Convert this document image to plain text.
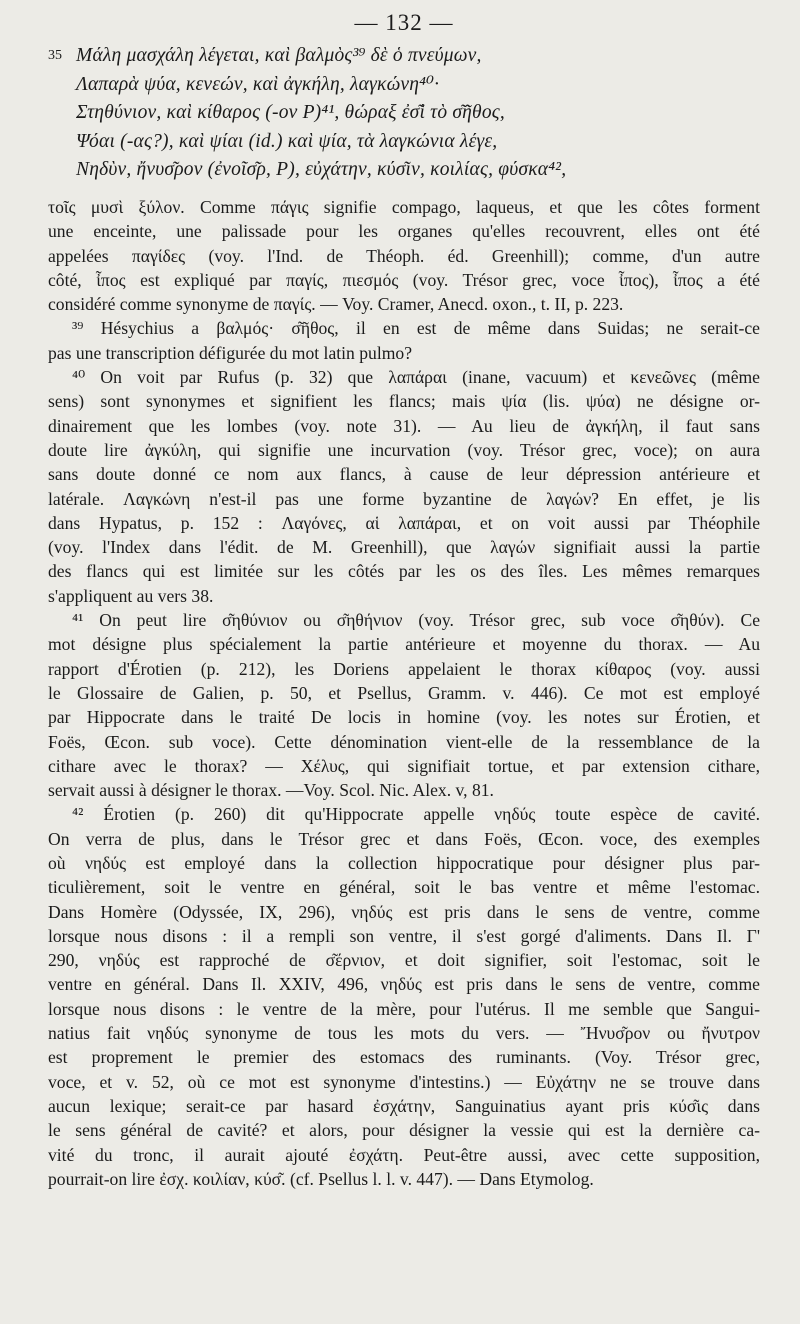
— 132 —
35 Μάλη μασχάλη λέγεται, καὶ βαλμὸς³⁹ δὲ ὁ πνεύμων,
Λαπαρὰ ψύα, κενεών, καὶ ἀγκήλη, λαγκώνη⁴⁰·
Στηθύνιον, καὶ κίθαρος (-ον P)⁴¹, θώραξ ἐσ͂ὶ τὸ σ͂ῆθος,
Ψόαι (-ας?), καὶ ψίαι (id.) καὶ ψία, τὰ λαγκώνια λέγε,
Νηδὺν, ἤνυσ͂ρον (ἐνοῖσ͂ρ, P), εὐχάτην, κύσ͂ιν, κοιλίας, φύσκα⁴²,
τοῖς μυσὶ ξύλον. Comme πάγις signifie compago, laqueus, et que les côtes forment
une enceinte, une palissade pour les organes qu'elles recouvrent, elles ont été
appelées παγίδες (voy. l'Ind. de Théoph. éd. Greenhill); comme, d'un autre
côté, ἶπος est expliqué par παγίς, πιεσμός (voy. Trésor grec, voce ἶπος), ἶπος a été
considéré comme synonyme de παγίς. — Voy. Cramer, Anecd. oxon., t. II, p. 223.
³⁹ Hésychius a βαλμός· σ͂ῆθος, il en est de même dans Suidas; ne serait-ce
pas une transcription défigurée du mot latin pulmo?
⁴⁰ On voit par Rufus (p. 32) que λαπάραι (inane, vacuum) et κενεῶνες (même
sens) sont synonymes et signifient les flancs; mais ψία (lis. ψύα) ne désigne or-
dinairement que les lombes (voy. note 31). — Au lieu de ἀγκήλη, il faut sans
doute lire ἀγκύλη, qui signifie une incurvation (voy. Trésor grec, voce); on aura
sans doute donné ce nom aux flancs, à cause de leur dépression antérieure et
latérale. Λαγκώνη n'est-il pas une forme byzantine de λαγών? En effet, je lis
dans Hypatus, p. 152 : Λαγόνες, αἱ λαπάραι, et on voit aussi par Théophile
(voy. l'Index dans l'édit. de M. Greenhill), que λαγών signifiait aussi la partie
des flancs qui est limitée sur les côtés par les os des îles. Les mêmes remarques
s'appliquent au vers 38.
⁴¹ On peut lire σ͂ηθύνιον ou σ͂ηθήνιον (voy. Trésor grec, sub voce σ͂ηθύν). Ce
mot désigne plus spécialement la partie antérieure et moyenne du thorax. — Au
rapport d'Érotien (p. 212), les Doriens appelaient le thorax κίθαρος (voy. aussi
le Glossaire de Galien, p. 50, et Psellus, Gramm. v. 446). Ce mot est employé
par Hippocrate dans le traité De locis in homine (voy. les notes sur Érotien, et
Foës, Œcon. sub voce). Cette dénomination vient-elle de la ressemblance de la
cithare avec le thorax? — Χέλυς, qui signifiait tortue, et par extension cithare,
servait aussi à désigner le thorax. —Voy. Scol. Nic. Alex. v, 81.
⁴² Érotien (p. 260) dit qu'Hippocrate appelle νηδύς toute espèce de cavité.
On verra de plus, dans le Trésor grec et dans Foës, Œcon. voce, des exemples
où νηδύς est employé dans la collection hippocratique pour désigner plus par-
ticulièrement, soit le ventre en général, soit le bas ventre et même l'estomac.
Dans Homère (Odyssée, IX, 296), νηδύς est pris dans le sens de ventre, comme
lorsque nous disons : il a rempli son ventre, il s'est gorgé d'aliments. Dans Il. Γ'
290, νηδύς est rapproché de σ͂έρνιον, et doit signifier, soit l'estomac, soit le
ventre en général. Dans Il. XXIV, 496, νηδύς est pris dans le sens de ventre, comme
lorsque nous disons : le ventre de la mère, pour l'utérus. Il me semble que Sangui-
natius fait νηδύς synonyme de tous les mots du vers. — Ἤνυσ͂ρον ou ἤνυτρον
est proprement le premier des estomacs des ruminants. (Voy. Trésor grec,
voce, et v. 52, où ce mot est synonyme d'intestins.) — Εὐχάτην ne se trouve dans
aucun lexique; serait-ce par hasard ἐσχάτην, Sanguinatius ayant pris κύσ͂ις dans
le sens général de cavité? et alors, pour désigner la vessie qui est la dernière ca-
vité du tronc, il aurait ajouté ἐσχάτη. Peut-être aussi, avec cette supposition,
pourrait-on lire ἐσχ. κοιλίαν, κύσ͂. (cf. Psellus l. l. v. 447). — Dans Etymolog.
